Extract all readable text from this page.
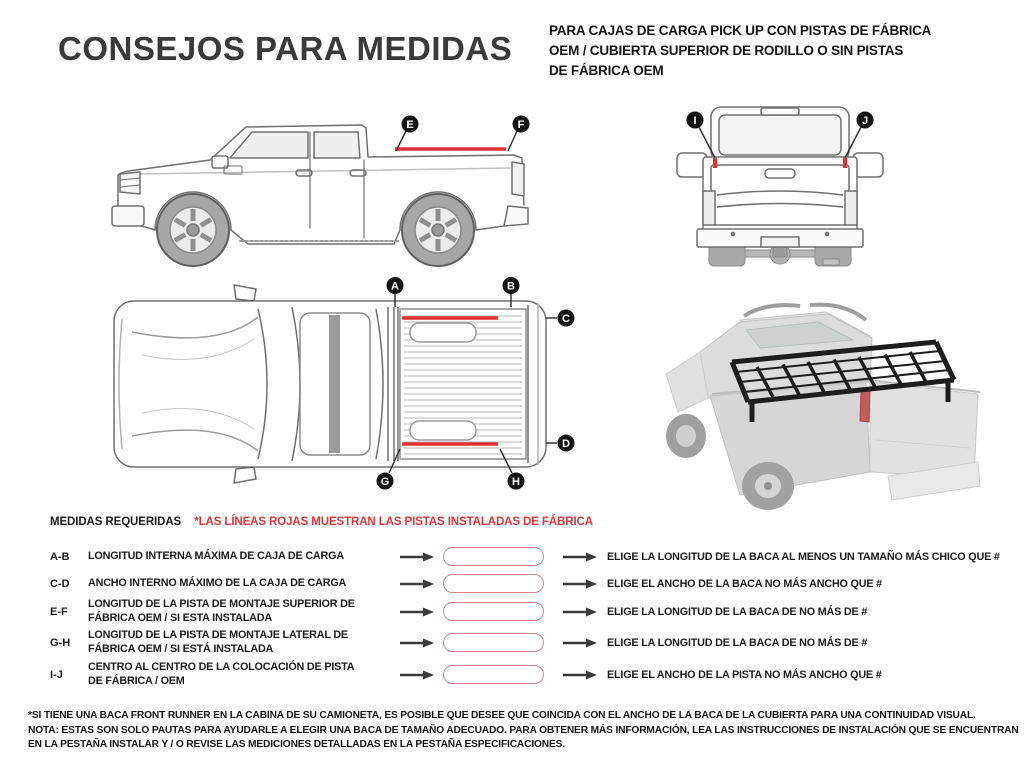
CONSEJOS PARA MEDIDAS	PARA CAJAS DE CARGA PICK UP CON PISTAS DE FÁBRICA
OEM / CUBIERTA SUPERIOR DE RODILLO O SIN PISTAS
DE FÁBRICA OEM
E	F	I	J
A	B
C
D
G	H
MEDIDAS REQUERIDAS *LAS LÍNEAS ROJAS MUESTRAN LAS PISTAS INSTALADAS DE FÁBRICA
A-B	LONGITUD INTERNA MÁXIMA DE CAJA DE CARGA	ELIGE LA LONGITUD DE LA BACA AL MENOS UN TAMAÑO MÁS CHICO QUE #
C-D	ANCHO INTERNO MÁXIMO DE LA CAJA DE CARGA	ELIGE EL ANCHO DE LA BACA NO MÁS ANCHO QUE #
E-F
LONGITUD DE LA PISTA DE MONTAJE SUPERIOR DE
FÁBRICA OEM / SI ESTA INSTALADA	ELIGE LA LONGITUD DE LA BACA DE NO MÁS DE #
G-H
LONGITUD DE LA PISTA DE MONTAJE LATERAL DE
FÁBRICA OEM / SI ESTÁ INSTALADA	ELIGE LA LONGITUD DE LA BACA DE NO MÁS DE #
I-J
CENTRO AL CENTRO DE LA COLOCACIÓN DE PISTA
DE FÁBRICA / OEM	ELIGE EL ANCHO DE LA PISTA NO MÁS ANCHO QUE #
*SI TIENE UNA BACA FRONT RUNNER EN LA CABINA DE SU CAMIONETA, ES POSIBLE QUE DESEE QUE COINCIDA CON EL ANCHO DE LA BACA DE LA CUBIERTA PARA UNA CONTINUIDAD VISUAL.
NOTA: ESTAS SON SOLO PAUTAS PARA AYUDARLE A ELEGIR UNA BACA DE TAMAÑO ADECUADO. PARA OBTENER MÁS INFORMACIÓN, LEA LAS INSTRUCCIONES DE INSTALACIÓN QUE SE ENCUENTRAN
EN LA PESTAÑA INSTALAR Y / O REVISE LAS MEDICIONES DETALLADAS EN LA PESTAÑA ESPECIFICACIONES.
